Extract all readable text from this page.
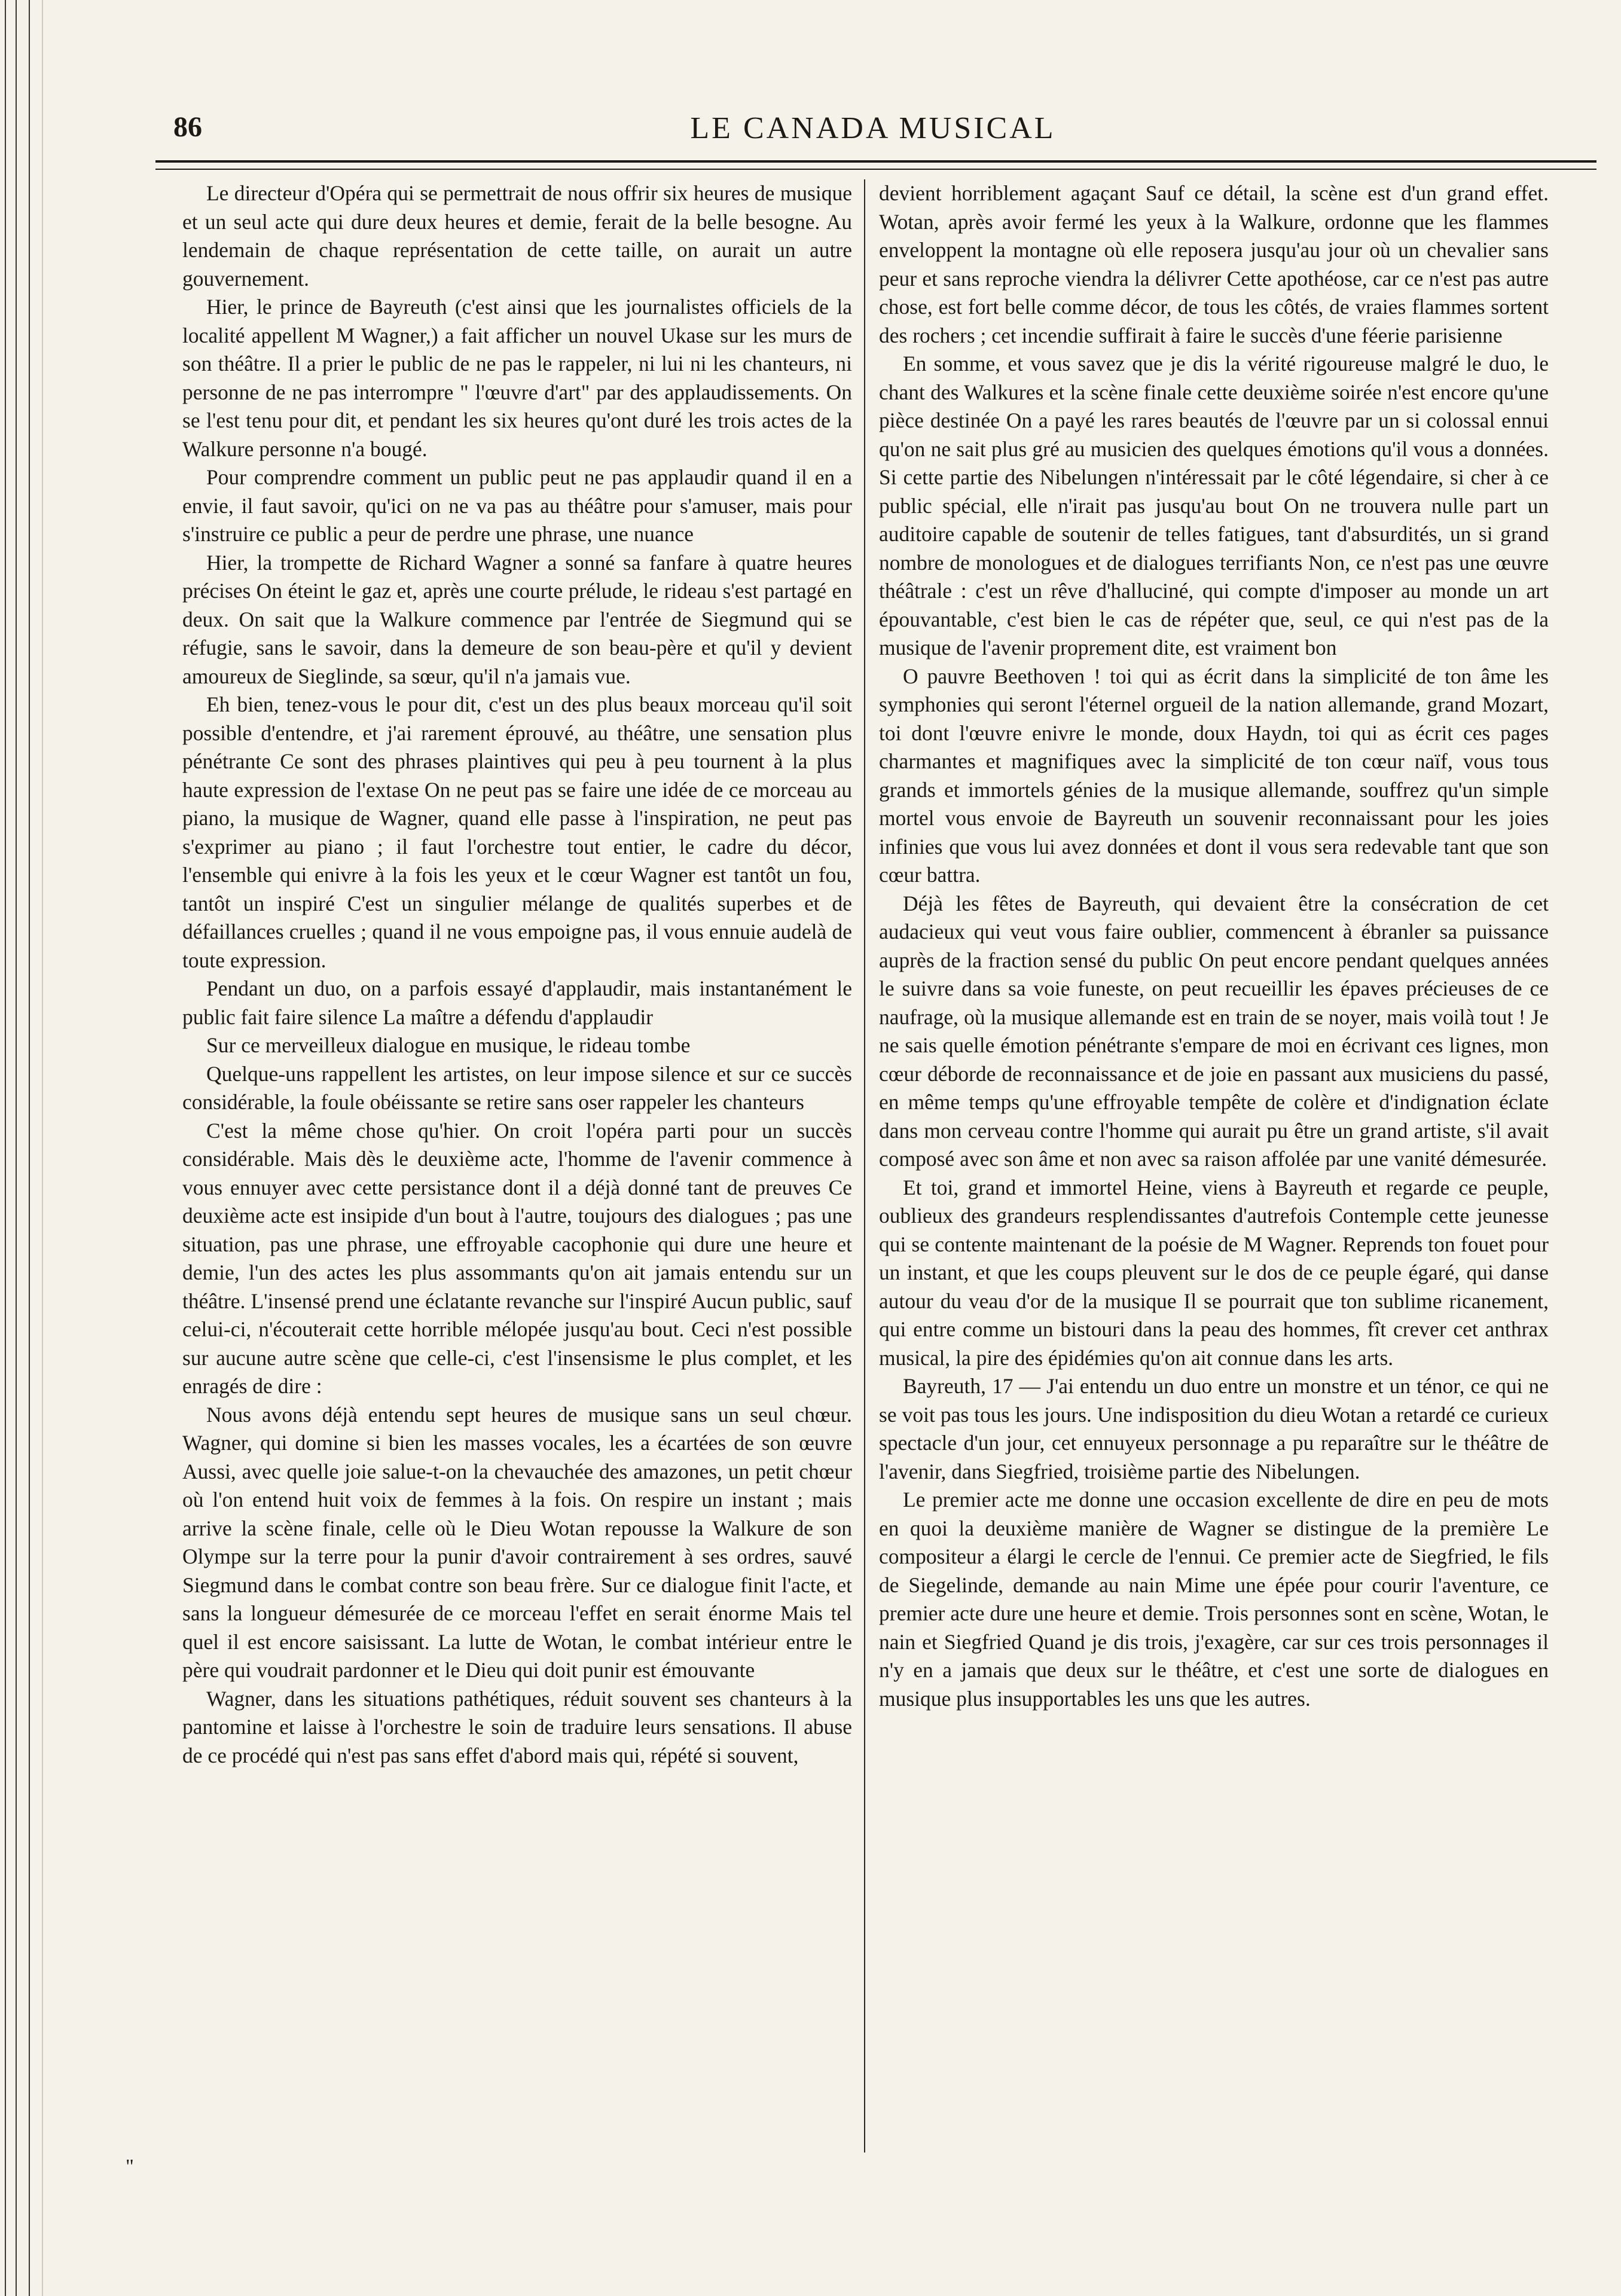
86	LE CANADA MUSICAL

Le directeur d'Opéra qui se permettrait de nous offrir six heures de musique et un seul acte qui dure deux heures et demie, ferait de la belle besogne. Au lendemain de chaque représentation de cette taille, on aurait un autre gouvernement.

Hier, le prince de Bayreuth (c'est ainsi que les journalistes officiels de la localité appellent M Wagner,) a fait afficher un nouvel Ukase sur les murs de son théâtre. Il a prier le public de ne pas le rappeler, ni lui ni les chanteurs, ni personne de ne pas interrompre " l'œuvre d'art" par des applaudissements. On se l'est tenu pour dit, et pendant les six heures qu'ont duré les trois actes de la Walkure personne n'a bougé.

Pour comprendre comment un public peut ne pas applaudir quand il en a envie, il faut savoir, qu'ici on ne va pas au théâtre pour s'amuser, mais pour s'instruire ce public a peur de perdre une phrase, une nuance

Hier, la trompette de Richard Wagner a sonné sa fanfare à quatre heures précises On éteint le gaz et, après une courte prélude, le rideau s'est partagé en deux. On sait que la Walkure commence par l'entrée de Siegmund qui se réfugie, sans le savoir, dans la demeure de son beau-père et qu'il y devient amoureux de Sieglinde, sa sœur, qu'il n'a jamais vue.

Eh bien, tenez-vous le pour dit, c'est un des plus beaux morceau qu'il soit possible d'entendre, et j'ai rarement éprouvé, au théâtre, une sensation plus pénétrante Ce sont des phrases plaintives qui peu à peu tournent à la plus haute expression de l'extase On ne peut pas se faire une idée de ce morceau au piano, la musique de Wagner, quand elle passe à l'inspiration, ne peut pas s'exprimer au piano ; il faut l'orchestre tout entier, le cadre du décor, l'ensemble qui enivre à la fois les yeux et le cœur Wagner est tantôt un fou, tantôt un inspiré C'est un singulier mélange de qualités superbes et de défaillances cruelles ; quand il ne vous empoigne pas, il vous ennuie audelà de toute expression.

Pendant un duo, on a parfois essayé d'applaudir, mais instantanément le public fait faire silence La maître a défendu d'applaudir

Sur ce merveilleux dialogue en musique, le rideau tombe

Quelque-uns rappellent les artistes, on leur impose silence et sur ce succès considérable, la foule obéissante se retire sans oser rappeler les chanteurs

C'est la même chose qu'hier. On croit l'opéra parti pour un succès considérable. Mais dès le deuxième acte, l'homme de l'avenir commence à vous ennuyer avec cette persistance dont il a déjà donné tant de preuves Ce deuxième acte est insipide d'un bout à l'autre, toujours des dialogues ; pas une situation, pas une phrase, une effroyable cacophonie qui dure une heure et demie, l'un des actes les plus assommants qu'on ait jamais entendu sur un théâtre. L'insensé prend une éclatante revanche sur l'inspiré Aucun public, sauf celui-ci, n'écouterait cette horrible mélopée jusqu'au bout. Ceci n'est possible sur aucune autre scène que celle-ci, c'est l'insensisme le plus complet, et les enragés de dire :

Nous avons déjà entendu sept heures de musique sans un seul chœur. Wagner, qui domine si bien les masses vocales, les a écartées de son œuvre Aussi, avec quelle joie salue-t-on la chevauchée des amazones, un petit chœur où l'on entend huit voix de femmes à la fois. On respire un instant ; mais arrive la scène finale, celle où le Dieu Wotan repousse la Walkure de son Olympe sur la terre pour la punir d'avoir contrairement à ses ordres, sauvé Siegmund dans le combat contre son beau frère. Sur ce dialogue finit l'acte, et sans la longueur démesurée de ce morceau l'effet en serait énorme Mais tel quel il est encore saisissant. La lutte de Wotan, le combat intérieur entre le père qui voudrait pardonner et le Dieu qui doit punir est émouvante

Wagner, dans les situations pathétiques, réduit souvent ses chanteurs à la pantomine et laisse à l'orchestre le soin de traduire leurs sensations. Il abuse de ce procédé qui n'est pas sans effet d'abord mais qui, répété si souvent,

devient horriblement agaçant Sauf ce détail, la scène est d'un grand effet. Wotan, après avoir fermé les yeux à la Walkure, ordonne que les flammes enveloppent la montagne où elle reposera jusqu'au jour où un chevalier sans peur et sans reproche viendra la délivrer Cette apothéose, car ce n'est pas autre chose, est fort belle comme décor, de tous les côtés, de vraies flammes sortent des rochers ; cet incendie suffirait à faire le succès d'une féerie parisienne

En somme, et vous savez que je dis la vérité rigoureuse malgré le duo, le chant des Walkures et la scène finale cette deuxième soirée n'est encore qu'une pièce destinée On a payé les rares beautés de l'œuvre par un si colossal ennui qu'on ne sait plus gré au musicien des quelques émotions qu'il vous a données. Si cette partie des Nibelungen n'intéressait par le côté légendaire, si cher à ce public spécial, elle n'irait pas jusqu'au bout On ne trouvera nulle part un auditoire capable de soutenir de telles fatigues, tant d'absurdités, un si grand nombre de monologues et de dialogues terrifiants Non, ce n'est pas une œuvre théâtrale : c'est un rêve d'halluciné, qui compte d'imposer au monde un art épouvantable, c'est bien le cas de répéter que, seul, ce qui n'est pas de la musique de l'avenir proprement dite, est vraiment bon

O pauvre Beethoven ! toi qui as écrit dans la simplicité de ton âme les symphonies qui seront l'éternel orgueil de la nation allemande, grand Mozart, toi dont l'œuvre enivre le monde, doux Haydn, toi qui as écrit ces pages charmantes et magnifiques avec la simplicité de ton cœur naïf, vous tous grands et immortels génies de la musique allemande, souffrez qu'un simple mortel vous envoie de Bayreuth un souvenir reconnaissant pour les joies infinies que vous lui avez données et dont il vous sera redevable tant que son cœur battra.

Déjà les fêtes de Bayreuth, qui devaient être la consécration de cet audacieux qui veut vous faire oublier, commencent à ébranler sa puissance auprès de la fraction sensé du public On peut encore pendant quelques années le suivre dans sa voie funeste, on peut recueillir les épaves précieuses de ce naufrage, où la musique allemande est en train de se noyer, mais voilà tout ! Je ne sais quelle émotion pénétrante s'empare de moi en écrivant ces lignes, mon cœur déborde de reconnaissance et de joie en passant aux musiciens du passé, en même temps qu'une effroyable tempête de colère et d'indignation éclate dans mon cerveau contre l'homme qui aurait pu être un grand artiste, s'il avait composé avec son âme et non avec sa raison affolée par une vanité démesurée.

Et toi, grand et immortel Heine, viens à Bayreuth et regarde ce peuple, oublieux des grandeurs resplendissantes d'autrefois Contemple cette jeunesse qui se contente maintenant de la poésie de M Wagner. Reprends ton fouet pour un instant, et que les coups pleuvent sur le dos de ce peuple égaré, qui danse autour du veau d'or de la musique Il se pourrait que ton sublime ricanement, qui entre comme un bistouri dans la peau des hommes, fît crever cet anthrax musical, la pire des épidémies qu'on ait connue dans les arts.

Bayreuth, 17 — J'ai entendu un duo entre un monstre et un ténor, ce qui ne se voit pas tous les jours. Une indisposition du dieu Wotan a retardé ce curieux spectacle d'un jour, cet ennuyeux personnage a pu reparaître sur le théâtre de l'avenir, dans Siegfried, troisième partie des Nibelungen.

Le premier acte me donne une occasion excellente de dire en peu de mots en quoi la deuxième manière de Wagner se distingue de la première Le compositeur a élargi le cercle de l'ennui. Ce premier acte de Siegfried, le fils de Siegelinde, demande au nain Mime une épée pour courir l'aventure, ce premier acte dure une heure et demie. Trois personnes sont en scène, Wotan, le nain et Siegfried Quand je dis trois, j'exagère, car sur ces trois personnages il n'y en a jamais que deux sur le théâtre, et c'est une sorte de dialogues en musique plus insupportables les uns que les autres.

"
